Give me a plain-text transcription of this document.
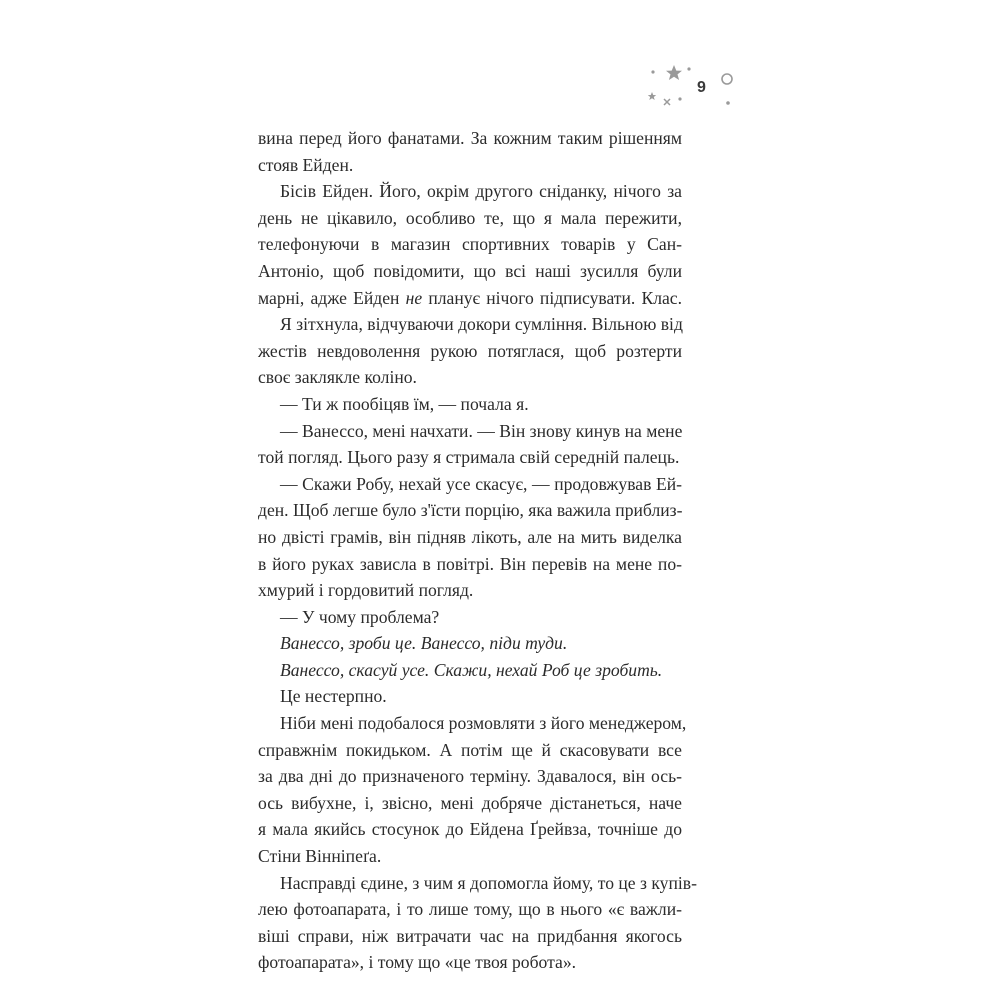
9
вина перед його фанатами. За кожним таким рішенням
стояв Ейден.
Бісів Ейден. Його, окрім другого сніданку, нічого за
день не цікавило, особливо те, що я мала пережити,
телефонуючи в магазин спортивних товарів у Сан-
Антоніо, щоб повідомити, що всі наші зусилля були
марні, адже Ейден не планує нічого підписувати. Клас.
Я зітхнула, відчуваючи докори сумління. Вільною від
жестів невдоволення рукою потяглася, щоб розтерти
своє заклякле коліно.
— Ти ж пообіцяв їм, — почала я.
— Ванессо, мені начхати. — Він знову кинув на мене
той погляд. Цього разу я стримала свій середній палець.
— Скажи Робу, нехай усе скасує, — продовжував Ей-
ден. Щоб легше було з'їсти порцію, яка важила приблиз-
но двісті грамів, він підняв лікоть, але на мить виделка
в його руках зависла в повітрі. Він перевів на мене по-
хмурий і гордовитий погляд.
— У чому проблема?
Ванессо, зроби це. Ванессо, піди туди.
Ванессо, скасуй усе. Скажи, нехай Роб це зробить.
Це нестерпно.
Ніби мені подобалося розмовляти з його менеджером,
справжнім покидьком. А потім ще й скасовувати все
за два дні до призначеного терміну. Здавалося, він ось-
ось вибухне, і, звісно, мені добряче дістанеться, наче
я мала якийсь стосунок до Ейдена Ґрейвза, точніше до
Стіни Вінніпеґа.
Насправді єдине, з чим я допомогла йому, то це з купів-
лею фотоапарата, і то лише тому, що в нього «є важли-
віші справи, ніж витрачати час на придбання якогось
фотоапарата», і тому що «це твоя робота».
